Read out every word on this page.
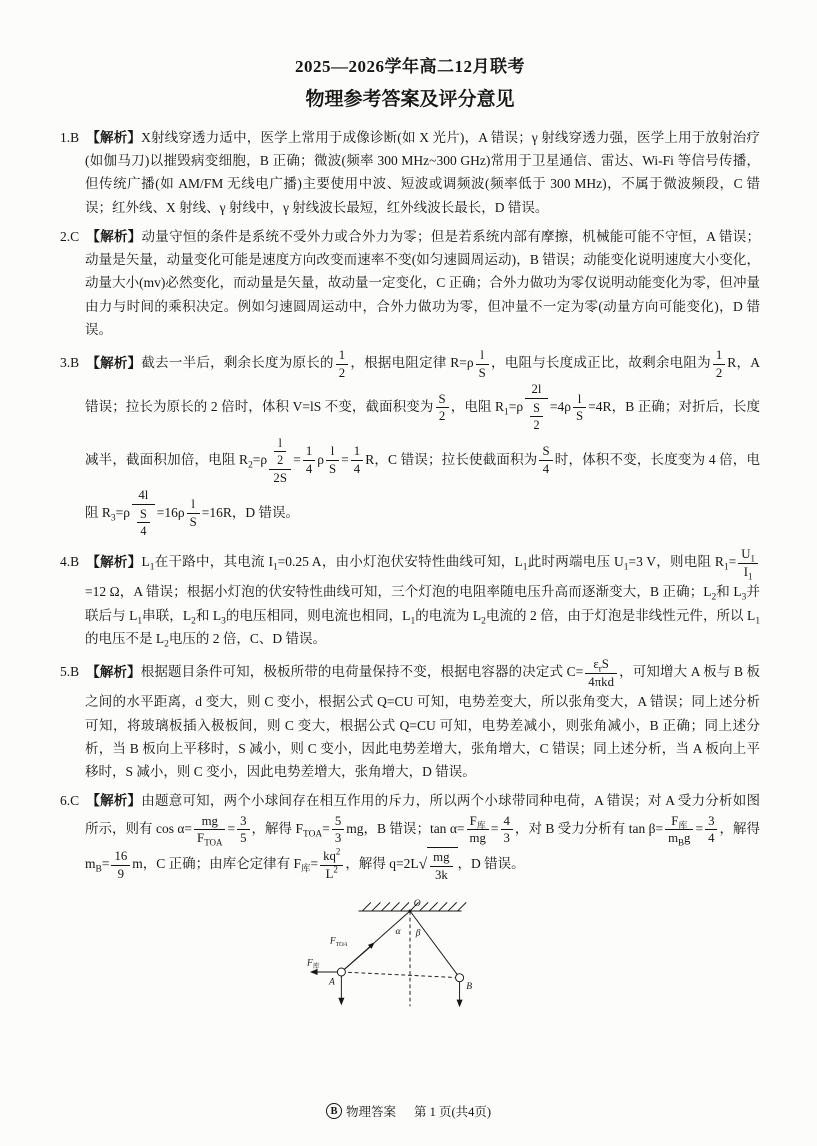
2025—2026学年高二12月联考
物理参考答案及评分意见

1.B 【解析】X射线穿透力适中，医学上常用于成像诊断(如 X 光片)，A 错误；γ 射线穿透力强，医学上用于放射治疗(如伽马刀)以摧毁病变细胞，B 正确；微波(频率 300 MHz~300 GHz)常用于卫星通信、雷达、Wi-Fi 等信号传播，但传统广播(如 AM/FM 无线电广播)主要使用中波、短波或调频波(频率低于 300 MHz)，不属于微波频段，C 错误；红外线、X 射线、γ 射线中，γ 射线波长最短，红外线波长最长，D 错误。

2.C 【解析】动量守恒的条件是系统不受外力或合外力为零；但是若系统内部有摩擦，机械能可能不守恒，A 错误；动量是矢量，动量变化可能是速度方向改变而速率不变(如匀速圆周运动)，B 错误；动能变化说明速度大小变化，动量大小(mv)必然变化，而动量是矢量，故动量一定变化，C 正确；合外力做功为零仅说明动能变化为零，但冲量由力与时间的乘积决定。例如匀速圆周运动中，合外力做功为零，但冲量不一定为零(动量方向可能变化)，D 错误。

3.B 【解析】截去一半后，剩余长度为原长的 $\frac{1}{2}$ ，根据电阻定律 $R=\rho \frac{l}{S}$ ，电阻与长度成正比，故剩余电阻为 $\frac{1}{2}$ R，A 错误；拉长为原长的 2 倍时，体积 V=lS 不变，截面积变为 $\frac{S}{2}$ ，电阻 $R_1=\rho \frac{2l}{\frac{S}{2}} =4\rho \frac{l}{S} =4R$，B 正确；对折后，长度减半，截面积加倍，电阻 $R_2=\rho \frac{\frac{l}{2}}{2S} = \frac{1}{4}$ ρ $\frac{l}{S} = \frac{1}{4}$ R，C 错误；拉长使截面积为 $\frac{S}{4}$ 时，体积不变，长度变为 4 倍，电阻 $R_3=\rho \frac{4l}{\frac{S}{4}} =16\rho \frac{l}{S} =16R$，D 错误。

4.B 【解析】$L_1$在干路中，其电流 $I_1=0.25$ A，由小灯泡伏安特性曲线可知，$L_1$此时两端电压 $U_1=3$ V，则电阻 $R_1= \frac{U_1}{I_1}$
=12 Ω，A 错误；根据小灯泡的伏安特性曲线可知，三个灯泡的电阻率随电压升高而逐渐变大，B 正确；$L_2$和 $L_3$并联后与 $L_1$串联，$L_2$和 $L_3$的电压相同，则电流也相同，$L_1$的电流为 $L_2$电流的 2 倍，由于灯泡是非线性元件，所以 $L_1$的电压不是 $L_2$电压的 2 倍，C、D 错误。

5.B 【解析】根据题目条件可知，极板所带的电荷量保持不变，根据电容器的决定式 $C= \frac{\varepsilon_rS}{\text{4πkd}}$ ，可知增大 A 板与 B 板之间的水平距离，d 变大，则 C 变小，根据公式 Q=CU 可知，电势差变大，所以张角变大，A 错误；同上述分析可知，将玻璃板插入极板间，则 C 变大，根据公式 Q=CU 可知，电势差减小，则张角减小，B 正确；同上述分析，当 B 板向上平移时，S 减小，则 C 变小，因此电势差增大，张角增大，C 错误；同上述分析，当 A 板向上平移时，S 减小，则 C 变小，因此电势差增大，张角增大，D 错误。

6.C 【解析】由题意可知，两个小球间存在相互作用的斥力，所以两个小球带同种电荷，A 错误；对 A 受力分析如图所示，则有 $\cos \alpha= \frac{mg}{F_{TOA}} = \frac{3}{5}$ ，解得 $F_{TOA}= \frac{5}{3}$ mg，B 错误；$\tan \alpha= \frac{F_库}{mg} = \frac{4}{3}$ ，对 B 受力分析有 $\tan \beta= \frac{F_库}{m_Bg} = \frac{3}{4}$ ，解得 $m_B= \frac{16}{9}$ m，C 正确；由库仑定律有 $F_库= \frac{kq^2}{L^2}$ ，解得 $q=2L√ \frac{mg}{3k}$ ，D 错误。

O
α β
$F_{TOA}$
$F_库$
A	B
B 物理答案 第 1 页(共4页)
